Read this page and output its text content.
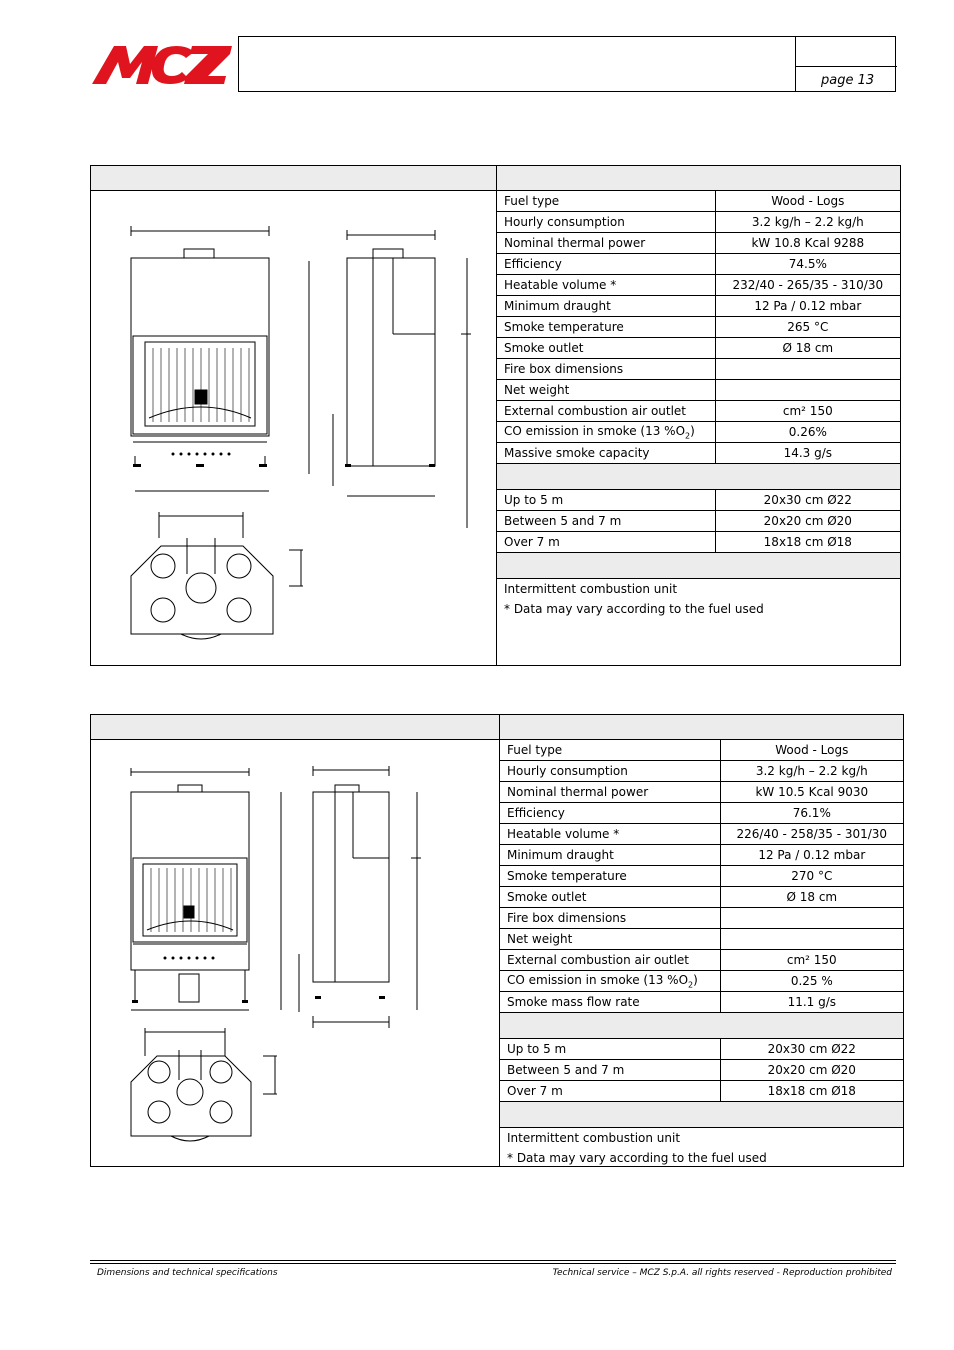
page 13
Fuel type	Wood - Logs
Hourly consumption	3.2 kg/h – 2.2 kg/h
Nominal thermal power	kW 10.8 Kcal 9288
Efficiency	74.5%
Heatable volume *	232/40 - 265/35 - 310/30
Minimum draught	12 Pa / 0.12 mbar
Smoke temperature	265 °C
Smoke outlet	Ø 18 cm
Fire box dimensions	
Net weight	
External combustion air outlet	cm² 150
CO emission in smoke (13 $\%O_2$)	0.26%
Massive smoke capacity	14.3 g/s

Up to 5 m	20x30 cm Ø22
Between 5 and 7 m	20x20 cm Ø20
Over 7 m	18x18 cm Ø18

Intermittent combustion unit
* Data may vary according to the fuel used
Fuel type	Wood - Logs
Hourly consumption	3.2 kg/h – 2.2 kg/h
Nominal thermal power	kW 10.5 Kcal 9030
Efficiency	76.1%
Heatable volume *	226/40 - 258/35 - 301/30
Minimum draught	12 Pa / 0.12 mbar
Smoke temperature	270 °C
Smoke outlet	Ø 18 cm
Fire box dimensions	
Net weight	
External combustion air outlet	cm² 150
CO emission in smoke (13 $\%O_2$)	0.25 %
Smoke mass flow rate	11.1 g/s

Up to 5 m	20x30 cm Ø22
Between 5 and 7 m	20x20 cm Ø20
Over 7 m	18x18 cm Ø18

Intermittent combustion unit
* Data may vary according to the fuel used
Dimensions and technical specifications	Technical service – MCZ S.p.A. all rights reserved - Reproduction prohibited
